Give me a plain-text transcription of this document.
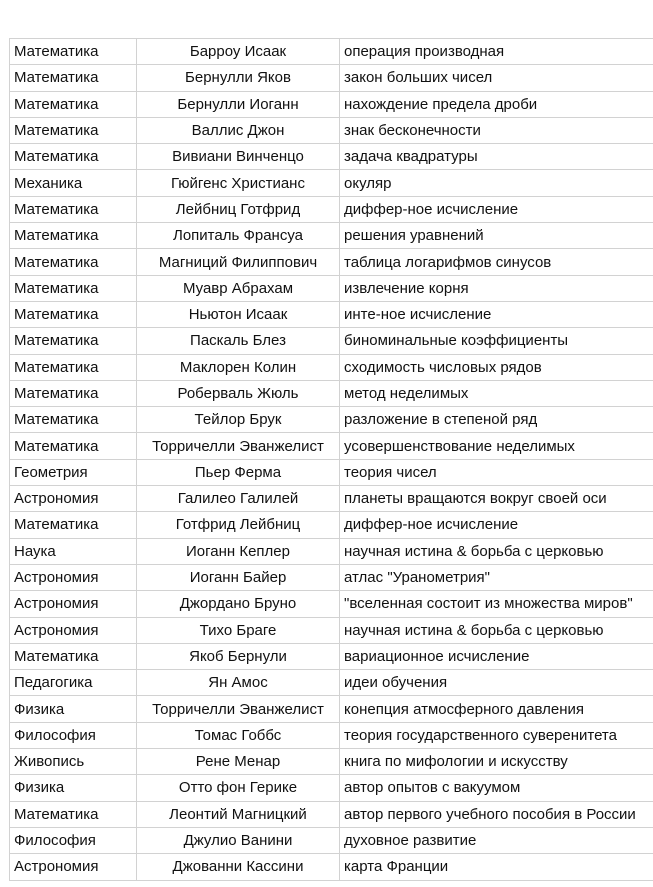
Математика	Барроу Исаак	операция производная
Математика	Бернулли Яков	закон больших чисел
Математика	Бернулли Иоганн	нахождение предела дроби
Математика	Валлис Джон	знак бесконечности
Математика	Вивиани Винченцо	задача квадратуры
Механика	Гюйгенс Христианс	окуляр
Математика	Лейбниц Готфрид	диффер-ное исчисление
Математика	Лопиталь Франсуа	решения уравнений
Математика	Магниций Филиппович	таблица логарифмов синусов
Математика	Муавр Абрахам	извлечение корня
Математика	Ньютон Исаак	инте-ное исчисление
Математика	Паскаль Блез	биноминальные коэффициенты
Математика	Маклорен Колин	сходимость числовых рядов
Математика	Роберваль Жюль	метод неделимых
Математика	Тейлор Брук	разложение в степеной ряд
Математика	Торричелли Эванжелист	усовершенствование неделимых
Геометрия	Пьер Ферма	теория чисел
Астрономия	Галилео Галилей	планеты вращаются вокруг своей оси
Математика	Готфрид Лейбниц	диффер-ное исчисление
Наука	Иоганн Кеплер	научная истина & борьба с церковью
Астрономия	Иоганн Байер	атлас "Уранометрия"
Астрономия	Джордано Бруно	"вселенная состоит из множества миров"
Астрономия	Тихо Браге	научная истина & борьба с церковью
Математика	Якоб Бернули	вариационное исчисление
Педагогика	Ян Амос	идеи обучения
Физика	Торричелли Эванжелист	конепция атмосферного давления
Философия	Томас Гоббс	теория государственного суверенитета
Живопись	Рене Менар	книга по мифологии и искусству
Физика	Отто фон Герике	автор опытов с вакуумом
Математика	Леонтий Магницкий	автор первого учебного пособия в России
Философия	Джулио Ванини	духовное развитие
Астрономия	Джованни Кассини	карта Франции
